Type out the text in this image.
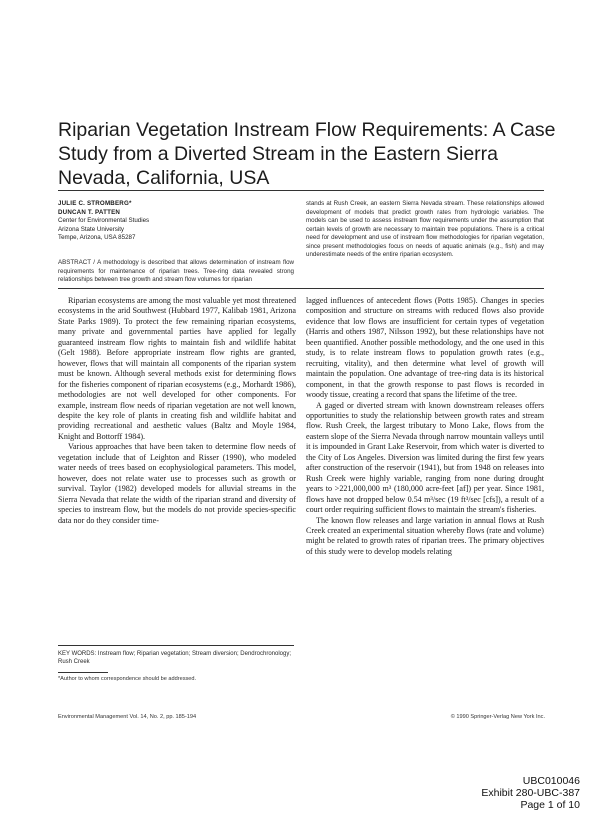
Riparian Vegetation Instream Flow Requirements: A Case Study from a Diverted Stream in the Eastern Sierra Nevada, California, USA
JULIE C. STROMBERG*
DUNCAN T. PATTEN
Center for Environmental Studies
Arizona State University
Tempe, Arizona, USA 85287
ABSTRACT / A methodology is described that allows determination of instream flow requirements for maintenance of riparian trees. Tree-ring data revealed strong relationships between tree growth and stream flow volumes for riparian
stands at Rush Creek, an eastern Sierra Nevada stream. These relationships allowed development of models that predict growth rates from hydrologic variables. The models can be used to assess instream flow requirements under the assumption that certain levels of growth are necessary to maintain tree populations. There is a critical need for development and use of instream flow methodologies for riparian vegetation, since present methodologies focus on needs of aquatic animals (e.g., fish) and may underestimate needs of the entire riparian ecosystem.

Riparian ecosystems are among the most valuable yet most threatened ecosystems in the arid Southwest (Hubbard 1977, Kalibab 1981, Arizona State Parks 1989). To protect the few remaining riparian ecosystems, many private and governmental parties have applied for legally guaranteed instream flow rights to maintain fish and wildlife habitat (Gelt 1988). Before appropriate instream flow rights are granted, however, flows that will maintain all components of the riparian system must be known. Although several methods exist for determining flows for the fisheries component of riparian ecosystems (e.g., Morhardt 1986), methodologies are not well developed for other components. For example, instream flow needs of riparian vegetation are not well known, despite the key role of plants in creating fish and wildlife habitat and providing recreational and aesthetic values (Baltz and Moyle 1984, Knight and Bottorff 1984).

Various approaches that have been taken to determine flow needs of vegetation include that of Leighton and Risser (1990), who modeled water needs of trees based on ecophysiological parameters. This model, however, does not relate water use to processes such as growth or survival. Taylor (1982) developed models for alluvial streams in the Sierra Nevada that relate the width of the riparian strand and diversity of species to instream flow, but the models do not provide species-specific data nor do they consider time-

lagged influences of antecedent flows (Potts 1985). Changes in species composition and structure on streams with reduced flows also provide evidence that low flows are insufficient for certain types of vegetation (Harris and others 1987, Nilsson 1992), but these relationships have not been quantified. Another possible methodology, and the one used in this study, is to relate instream flows to population growth rates (e.g., recruiting, vitality), and then determine what level of growth will maintain the population. One advantage of tree-ring data is its historical component, in that the growth response to past flows is recorded in woody tissue, creating a record that spans the lifetime of the tree.

A gaged or diverted stream with known downstream releases offers opportunities to study the relationship between growth rates and stream flow. Rush Creek, the largest tributary to Mono Lake, flows from the eastern slope of the Sierra Nevada through narrow mountain valleys until it is impounded in Grant Lake Reservoir, from which water is diverted to the City of Los Angeles. Diversion was limited during the first few years after construction of the reservoir (1941), but from 1948 on releases into Rush Creek were highly variable, ranging from none during drought years to >221,000,000 m³ (180,000 acre-feet [af]) per year. Since 1981, flows have not dropped below 0.54 m³/sec (19 ft³/sec [cfs]), a result of a court order requiring sufficient flows to maintain the stream's fisheries.

The known flow releases and large variation in annual flows at Rush Creek created an experimental situation whereby flows (rate and volume) might be related to growth rates of riparian trees. The primary objectives of this study were to develop models relating

KEY WORDS: Instream flow; Riparian vegetation; Stream diversion; Dendrochronology; Rush Creek
*Author to whom correspondence should be addressed.
Environmental Management Vol. 14, No. 2, pp. 185-194	© 1990 Springer-Verlag New York Inc.
UBC010046
Exhibit 280-UBC-387
Page 1 of 10
